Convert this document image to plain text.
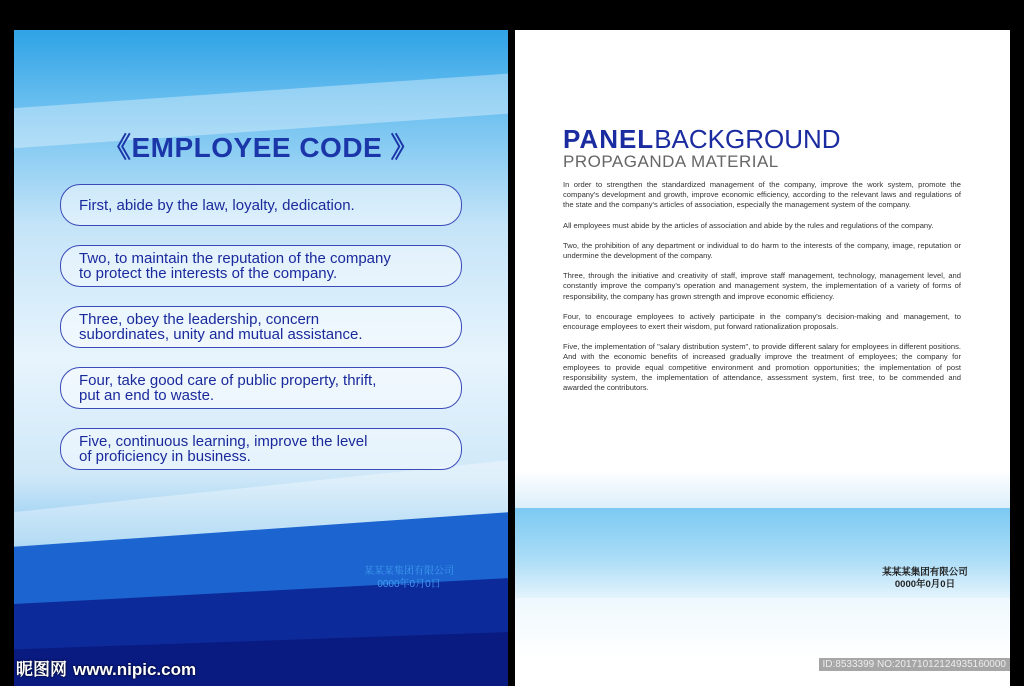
《EMPLOYEE CODE 》
First, abide by the law, loyalty, dedication.
Two, to maintain the reputation of the company
to protect the interests of the company.
Three, obey the leadership, concern
subordinates, unity and mutual assistance.
Four, take good care of public property, thrift,
put an end to waste.
Five, continuous learning, improve the level
of proficiency in business.
某某某集团有限公司
0000年0月0日
PANELBACKGROUND
PROPAGANDA MATERIAL

In order to strengthen the standardized management of the company, improve the work system, promote the company's development and growth, improve economic efficiency, according to the relevant laws and regulations of the state and the company's articles of association, especially the management system of the company.

All employees must abide by the articles of association and abide by the rules and regulations of the company.

Two, the prohibition of any department or individual to do harm to the interests of the company, image, reputation or undermine the development of the company.

Three, through the initiative and creativity of staff, improve staff management, technology, management level, and constantly improve the company's operation and management system, the implementation of a variety of forms of responsibility, the company has grown strength and improve economic efficiency.

Four, to encourage employees to actively participate in the company's decision-making and management, to encourage employees to exert their wisdom, put forward rationalization proposals.

Five, the implementation of "salary distribution system", to provide different salary for employees in different positions. And with the economic benefits of increased gradually improve the treatment of employees; the company for employees to provide equal competitive environment and promotion opportunities; the implementation of post responsibility system, the implementation of attendance, assessment system, first tree, to be commended and awarded the contributors.

某某某集团有限公司
0000年0月0日
昵图网 www.nipic.com	ID:8533399 NO:20171012124935160000
